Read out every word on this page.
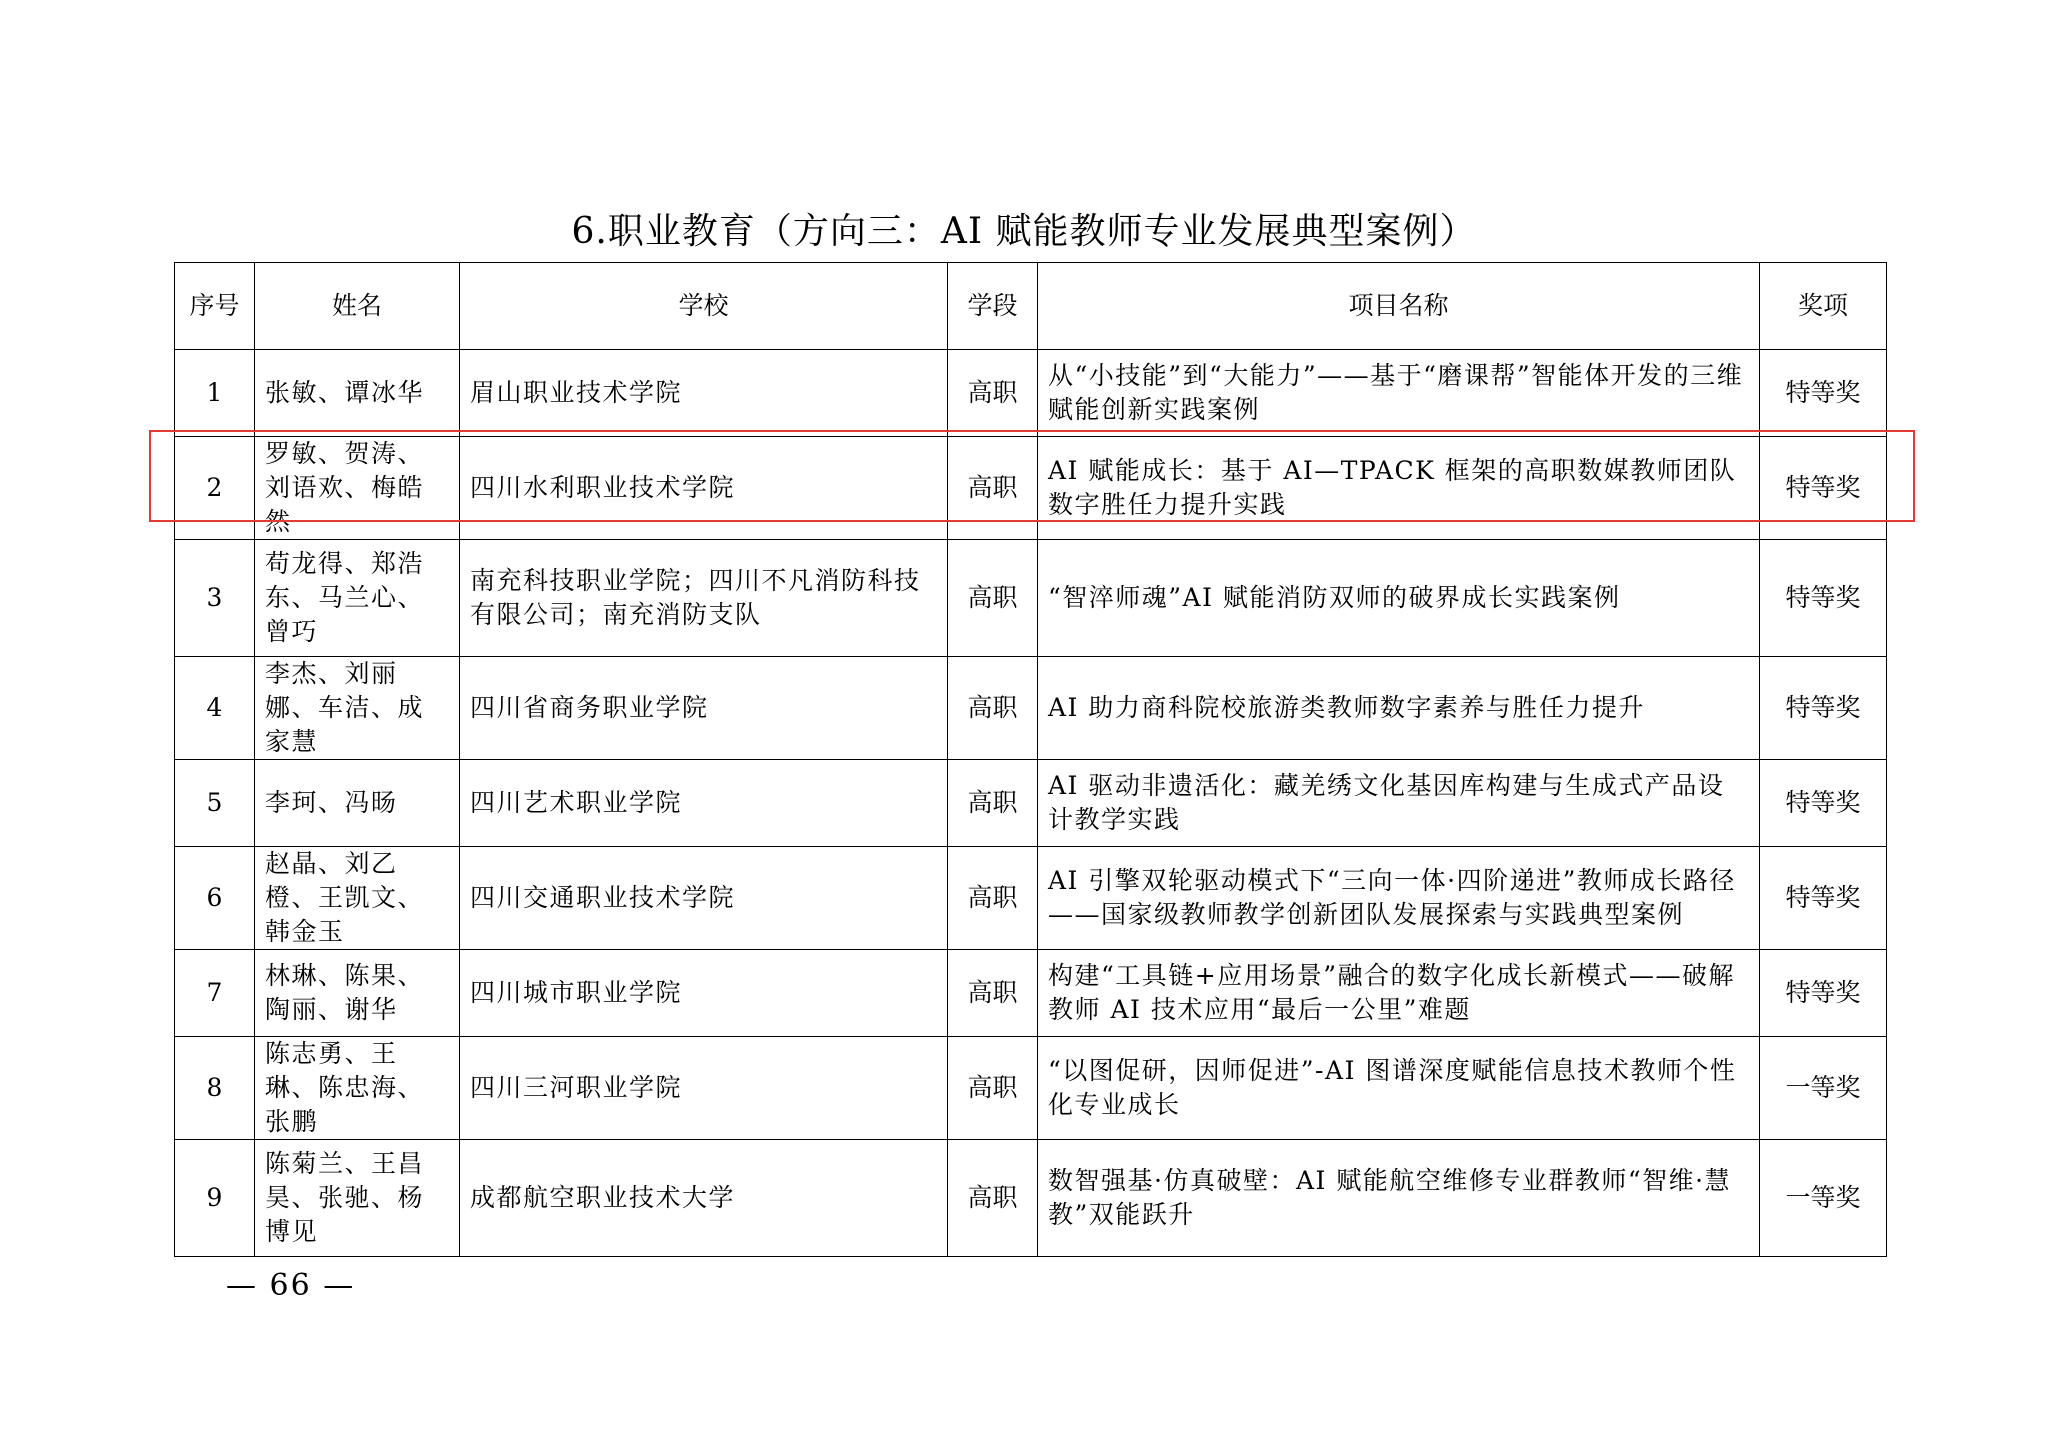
6.职业教育（方向三：AI 赋能教师专业发展典型案例）
序号	姓名	学校	学段	项目名称	奖项
1	张敏、谭冰华	眉山职业技术学院	高职	从“小技能”到“大能力”——基于“磨课帮”智能体开发的三维赋能创新实践案例	特等奖
2	罗敏、贺涛、刘语欢、梅皓然	四川水利职业技术学院	高职	AI 赋能成长：基于 AI—TPACK 框架的高职数媒教师团队数字胜任力提升实践	特等奖
3	苟龙得、郑浩东、马兰心、曾巧	南充科技职业学院；四川不凡消防科技有限公司；南充消防支队	高职	“智淬师魂”AI 赋能消防双师的破界成长实践案例	特等奖
4	李杰、刘丽娜、车洁、成家慧	四川省商务职业学院	高职	AI 助力商科院校旅游类教师数字素养与胜任力提升	特等奖
5	李珂、冯旸	四川艺术职业学院	高职	AI 驱动非遗活化：藏羌绣文化基因库构建与生成式产品设计教学实践	特等奖
6	赵晶、刘乙橙、王凯文、韩金玉	四川交通职业技术学院	高职	AI 引擎双轮驱动模式下“三向一体·四阶递进”教师成长路径——国家级教师教学创新团队发展探索与实践典型案例	特等奖
7	林琳、陈果、陶丽、谢华	四川城市职业学院	高职	构建“工具链+应用场景”融合的数字化成长新模式——破解教师 AI 技术应用“最后一公里”难题	特等奖
8	陈志勇、王琳、陈忠海、张鹏	四川三河职业学院	高职	“以图促研，因师促进”-AI 图谱深度赋能信息技术教师个性化专业成长	一等奖
9	陈菊兰、王昌昊、张驰、杨博见	成都航空职业技术大学	高职	数智强基·仿真破壁：AI 赋能航空维修专业群教师“智维·慧教”双能跃升	一等奖
— 66 —
